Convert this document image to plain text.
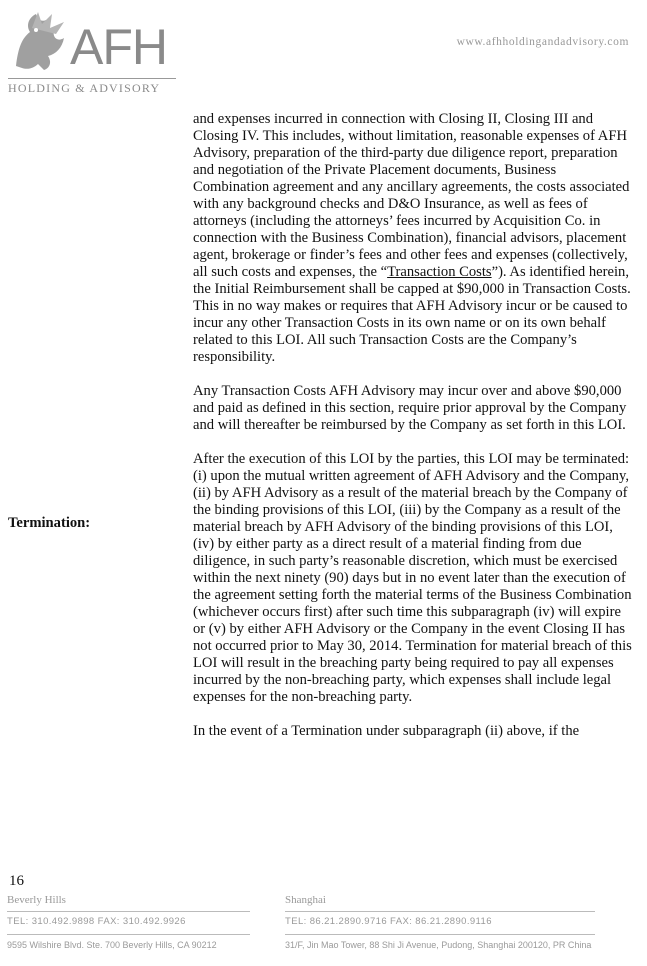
AFH
HOLDING & ADVISORY
www.afhholdingandadvisory.com

and expenses incurred in connection with Closing II, Closing III and Closing IV. This includes, without limitation, reasonable expenses of AFH Advisory, preparation of the third-party due diligence report, preparation and negotiation of the Private Placement documents, Business Combination agreement and any ancillary agreements, the costs associated with any background checks and D&O Insurance, as well as fees of attorneys (including the attorneys’ fees incurred by Acquisition Co. in connection with the Business Combination), financial advisors, placement agent, brokerage or finder’s fees and other fees and expenses (collectively, all such costs and expenses, the “Transaction Costs”). As identified herein, the Initial Reimbursement shall be capped at $90,000 in Transaction Costs. This in no way makes or requires that AFH Advisory incur or be caused to incur any other Transaction Costs in its own name or on its own behalf related to this LOI. All such Transaction Costs are the Company’s responsibility.

Any Transaction Costs AFH Advisory may incur over and above $90,000 and paid as defined in this section, require prior approval by the Company and will thereafter be reimbursed by the Company as set forth in this LOI.

After the execution of this LOI by the parties, this LOI may be terminated: (i) upon the mutual written agreement of AFH Advisory and the Company, (ii) by AFH Advisory as a result of the material breach by the Company of the binding provisions of this LOI, (iii) by the Company as a result of the material breach by AFH Advisory of the binding provisions of this LOI, (iv) by either party as a direct result of a material finding from due diligence, in such party’s reasonable discretion, which must be exercised within the next ninety (90) days but in no event later than the execution of the agreement setting forth the material terms of the Business Combination (whichever occurs first) after such time this subparagraph (iv) will expire or (v) by either AFH Advisory or the Company in the event Closing II has not occurred prior to May 30, 2014. Termination for material breach of this LOI will result in the breaching party being required to pay all expenses incurred by the non-breaching party, which expenses shall include legal expenses for the non-breaching party.

In the event of a Termination under subparagraph (ii) above, if the

Termination:
16
Beverly Hills
TEL: 310.492.9898 FAX: 310.492.9926
9595 Wilshire Blvd. Ste. 700 Beverly Hills, CA 90212
Shanghai
TEL: 86.21.2890.9716 FAX: 86.21.2890.9116
31/F, Jin Mao Tower, 88 Shi Ji Avenue, Pudong, Shanghai 200120, PR China
